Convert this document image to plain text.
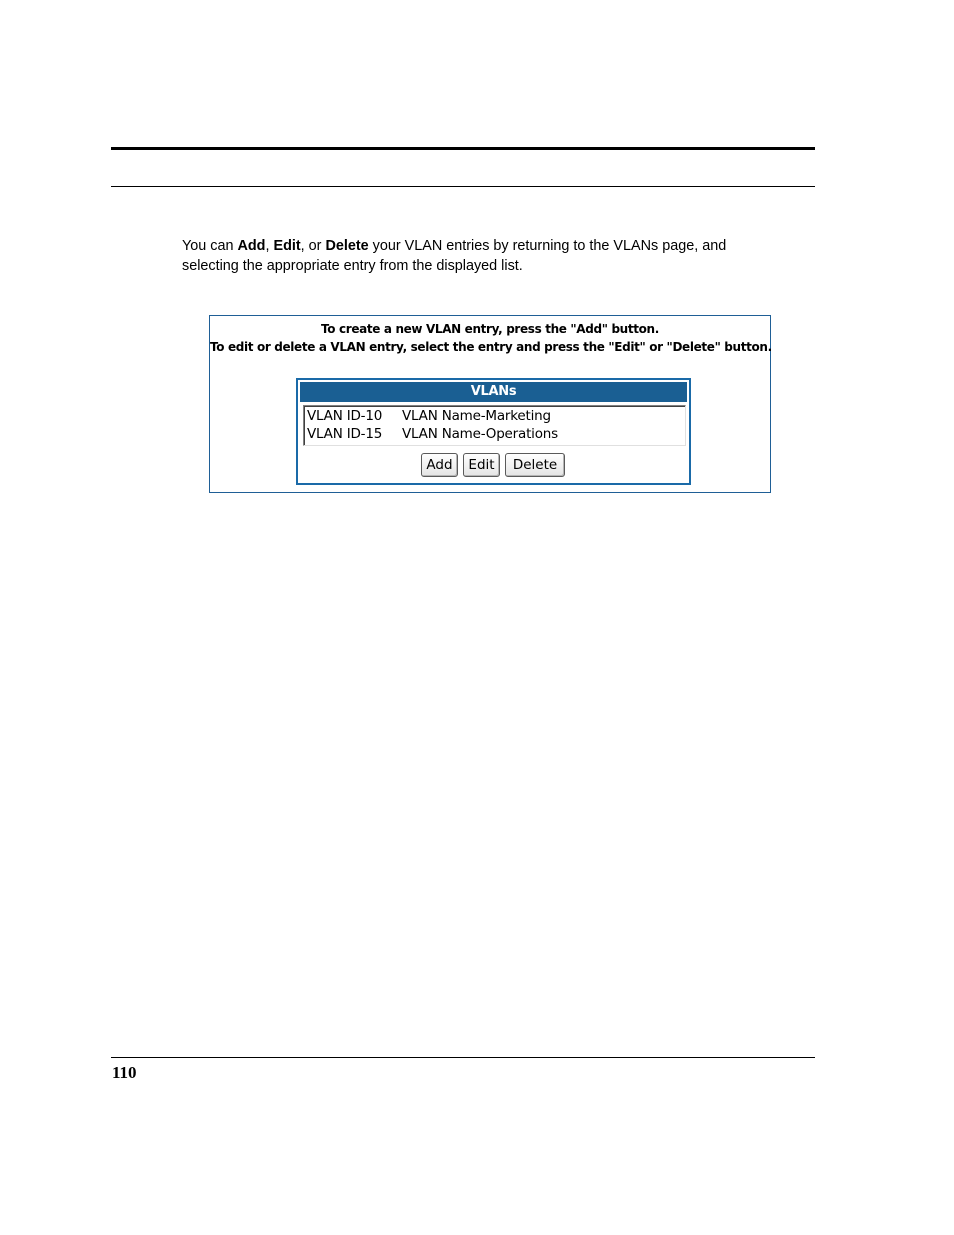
You can Add, Edit, or Delete your VLAN entries by returning to the VLANs page, and
selecting the appropriate entry from the displayed list.
To create a new VLAN entry, press the "Add" button.
To edit or delete a VLAN entry, select the entry and press the "Edit" or "Delete" button.
VLANs
VLAN ID-10 VLAN Name-Marketing
VLAN ID-15 VLAN Name-Operations
Add	Edit	Delete
110
